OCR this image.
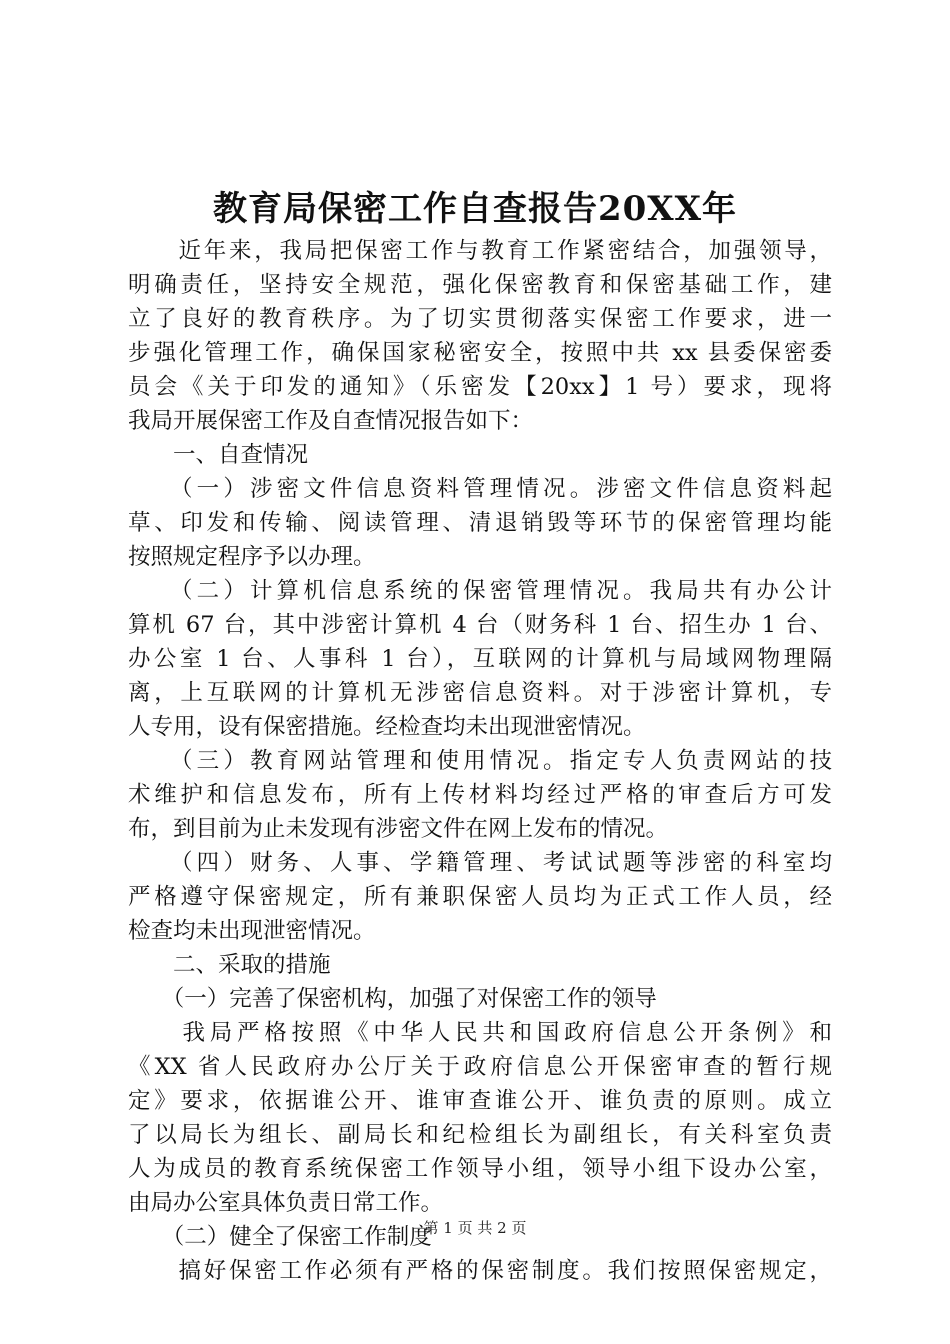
教育局保密工作自查报告20XX年
　　近年来，我局把保密工作与教育工作紧密结合，加强领导，
明确责任，坚持安全规范，强化保密教育和保密基础工作，建
立了良好的教育秩序。为了切实贯彻落实保密工作要求，进一
步强化管理工作，确保国家秘密安全，按照中共 xx 县委保密委
员会《关于印发的通知》（乐密发【20xx】1 号）要求，现将
我局开展保密工作及自查情况报告如下：
　　一、自查情况
　　（一）涉密文件信息资料管理情况。涉密文件信息资料起
草、印发和传输、阅读管理、清退销毁等环节的保密管理均能
按照规定程序予以办理。
　　（二）计算机信息系统的保密管理情况。我局共有办公计
算机 67 台，其中涉密计算机 4 台（财务科 1 台、招生办 1 台、
办公室 1 台、人事科 1 台），互联网的计算机与局域网物理隔
离，上互联网的计算机无涉密信息资料。对于涉密计算机，专
人专用，设有保密措施。经检查均未出现泄密情况。
　　（三）教育网站管理和使用情况。指定专人负责网站的技
术维护和信息发布，所有上传材料均经过严格的审查后方可发
布，到目前为止未发现有涉密文件在网上发布的情况。
　　（四）财务、人事、学籍管理、考试试题等涉密的科室均
严格遵守保密规定，所有兼职保密人员均为正式工作人员，经
检查均未出现泄密情况。
　　二、采取的措施
　　（一）完善了保密机构，加强了对保密工作的领导
　　我局严格按照《中华人民共和国政府信息公开条例》和
《XX 省人民政府办公厅关于政府信息公开保密审查的暂行规
定》要求，依据谁公开、谁审查谁公开、谁负责的原则。成立
了以局长为组长、副局长和纪检组长为副组长，有关科室负责
人为成员的教育系统保密工作领导小组，领导小组下设办公室，
由局办公室具体负责日常工作。
　　（二）健全了保密工作制度
　　搞好保密工作必须有严格的保密制度。我们按照保密规定，
第 1 页 共 2 页
